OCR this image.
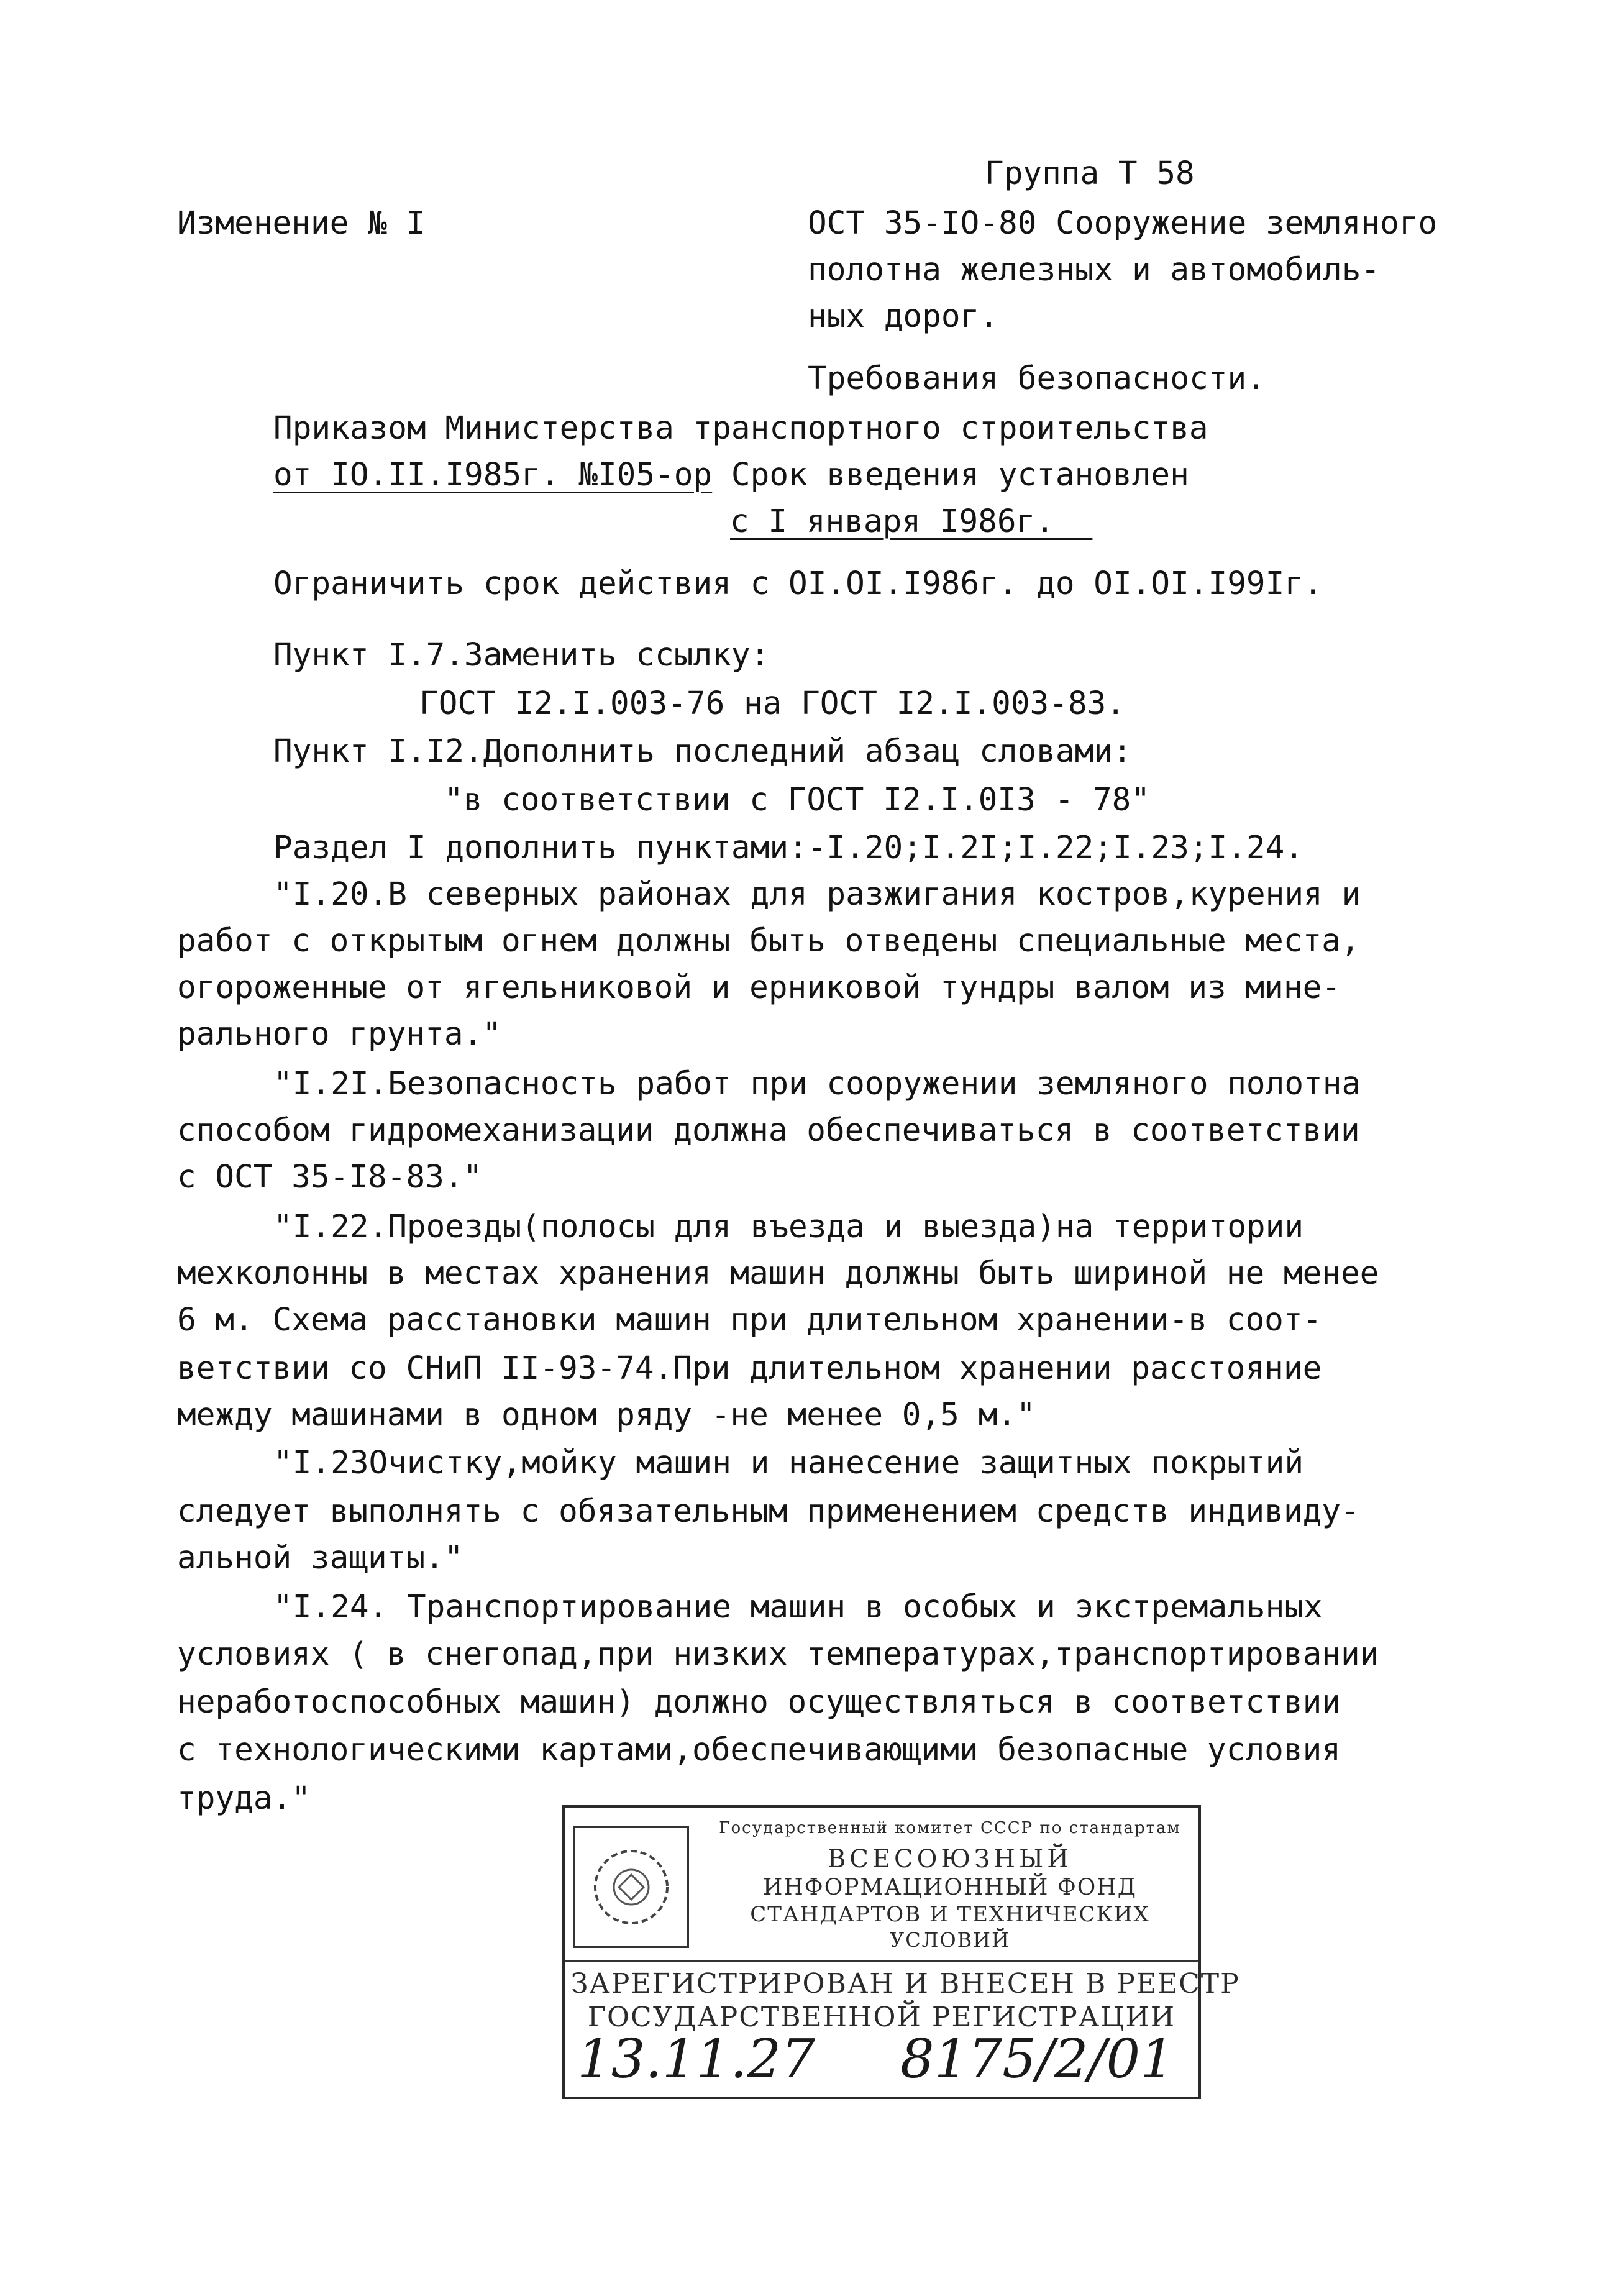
Группа Т 58
Изменение № I	ОСТ 35-IO-80 Сооружение земляного
полотна железных и автомобиль-
ных дорог.
Требования безопасности.
Приказом Министерства транспортного строительства
от IO.II.I985г. №I05-ор Срок введения установлен
с I января I986г.
Ограничить срок действия с OI.OI.I986г. до OI.OI.I99Iг.
Пункт I.7.Заменить ссылку:
ГОСТ I2.I.003-76 на ГОСТ I2.I.003-83.
Пункт I.I2.Дополнить последний абзац словами:
"в соответствии с ГОСТ I2.I.0I3 - 78"
Раздел I дополнить пунктами:-I.20;I.2I;I.22;I.23;I.24.
"I.20.В северных районах для разжигания костров,курения и
работ с открытым огнем должны быть отведены специальные места,
огороженные от ягельниковой и ерниковой тундры валом из мине-
рального грунта."
"I.2I.Безопасность работ при сооружении земляного полотна
способом гидромеханизации должна обеспечиваться в соответствии
с ОСТ 35-I8-83."
"I.22.Проезды(полосы для въезда и выезда)на территории
мехколонны в местах хранения машин должны быть шириной не менее
6 м. Схема расстановки машин при длительном хранении-в соот-
ветствии со СНиП II-93-74.При длительном хранении расстояние
между машинами в одном ряду -не менее 0,5 м."
"I.23Очистку,мойку машин и нанесение защитных покрытий
следует выполнять с обязательным применением средств индивиду-
альной защиты."
"I.24. Транспортирование машин в особых и экстремальных
условиях ( в снегопад,при низких температурах,транспортировании
неработоспособных машин) должно осуществляться в соответствии
с технологическими картами,обеспечивающими безопасные условия
труда."
Государственный комитет СССР по стандартам
ВСЕСОЮЗНЫЙ
ИНФОРМАЦИОННЫЙ ФОНД
СТАНДАРТОВ И ТЕХНИЧЕСКИХ
УСЛОВИЙ
ЗАРЕГИСТРИРОВАН И ВНЕСЕН В РЕЕСТР
ГОСУДАРСТВЕННОЙ РЕГИСТРАЦИИ
13.11.27 8175/2/01
